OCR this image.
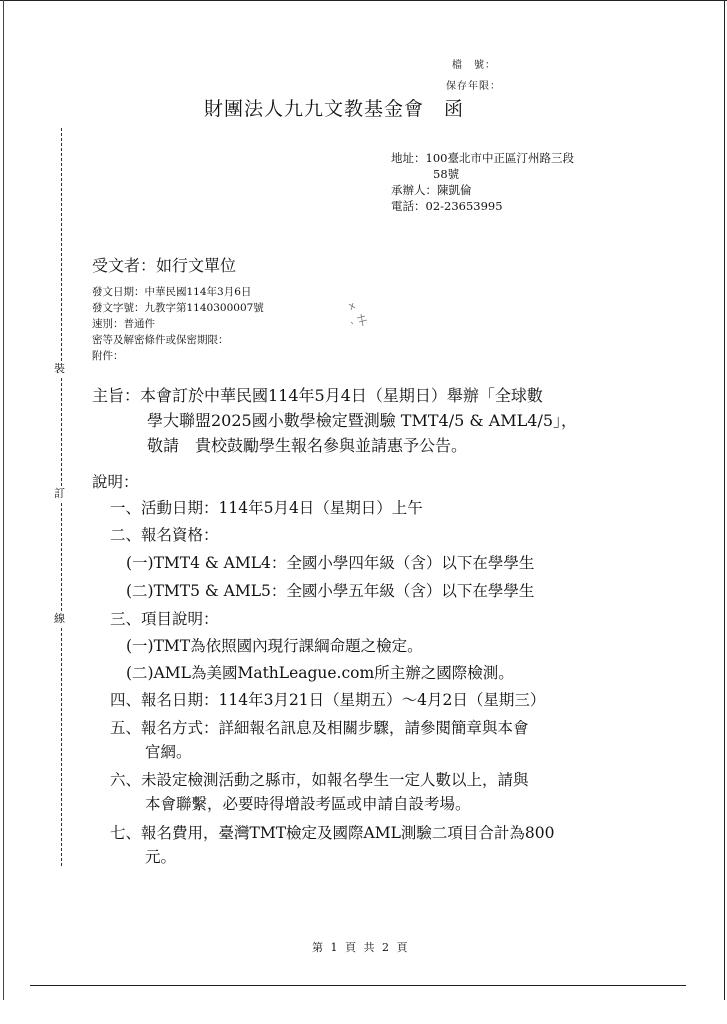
裝
訂
線
檔　號：
保存年限：
財團法人九九文教基金會　函
地址：100臺北市中正區汀州路三段
58號
承辦人：陳凱倫
電話：02-23653995
受文者：如行文單位
發文日期：中華民國114年3月6日
發文字號：九教字第1140300007號
速別：普通件
密等及解密條件或保密期限：
附件：
主旨：本會訂於中華民國114年5月4日（星期日）舉辦「全球數
學大聯盟2025國小數學檢定暨測驗 TMT4/5 & AML4/5」，
敬請　貴校鼓勵學生報名參與並請惠予公告。
說明：
一、活動日期：114年5月4日（星期日）上午
二、報名資格：
(一)TMT4 & AML4：全國小學四年級（含）以下在學學生
(二)TMT5 & AML5：全國小學五年級（含）以下在學學生
三、項目說明：
(一)TMT為依照國內現行課綱命題之檢定。
(二)AML為美國MathLeague.com所主辦之國際檢測。
四、報名日期：114年3月21日（星期五）～4月2日（星期三）
五、報名方式：詳細報名訊息及相關步驟，請參閱簡章與本會
官網。
六、未設定檢測活動之縣市，如報名學生一定人數以上，請與
本會聯繫，必要時得增設考區或申請自設考場。
七、報名費用，臺灣TMT檢定及國際AML測驗二項目合計為800
元。
第 1 頁 共 2 頁
